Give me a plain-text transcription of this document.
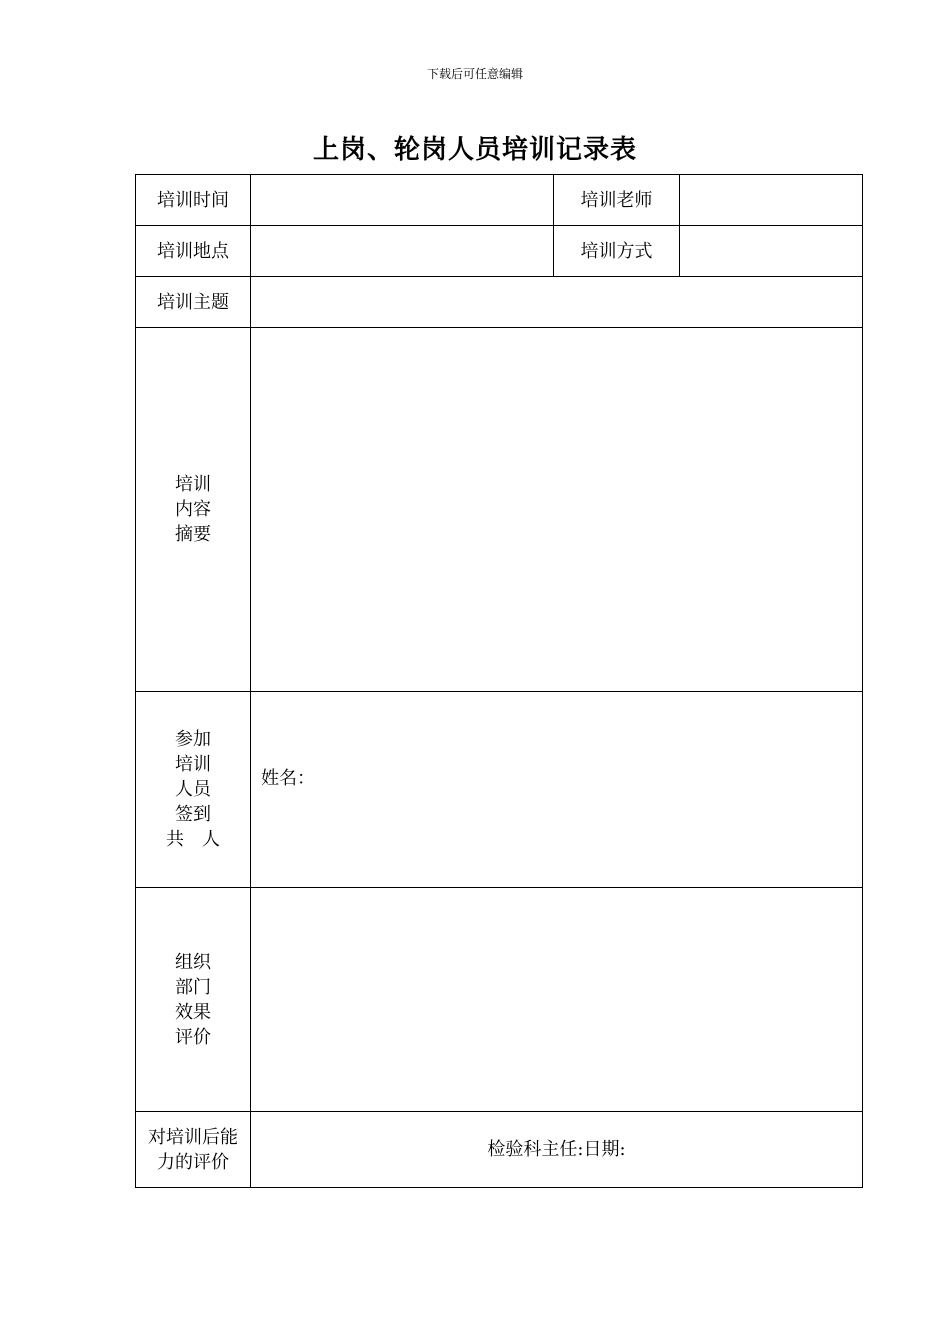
下载后可任意编辑
上岗、轮岗人员培训记录表
培训时间		培训老师	
培训地点		培训方式	
培训主题			

培训
内容
摘要			

参加
培训
人员
签到
共　人	姓名：		

组织
部门
效果
评价			

对培训后能
力的评价	检验科主任:日期:		
